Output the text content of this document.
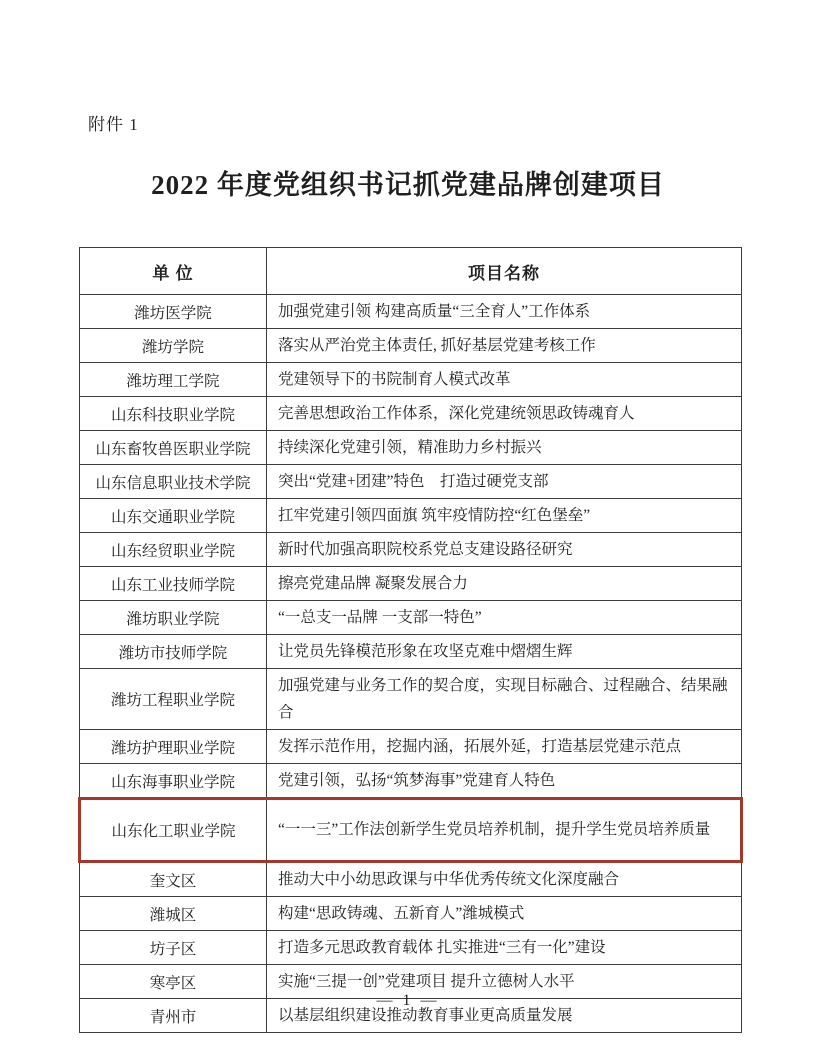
附件 1
2022 年度党组织书记抓党建品牌创建项目
单 位	项目名称
潍坊医学院	加强党建引领 构建高质量“三全育人”工作体系
潍坊学院	落实从严治党主体责任, 抓好基层党建考核工作
潍坊理工学院	党建领导下的书院制育人模式改革
山东科技职业学院	完善思想政治工作体系，深化党建统领思政铸魂育人
山东畜牧兽医职业学院	持续深化党建引领，精准助力乡村振兴
山东信息职业技术学院	突出“党建+团建”特色　打造过硬党支部
山东交通职业学院	扛牢党建引领四面旗 筑牢疫情防控“红色堡垒”
山东经贸职业学院	新时代加强高职院校系党总支建设路径研究
山东工业技师学院	擦亮党建品牌 凝聚发展合力
潍坊职业学院	“一总支一品牌 一支部一特色”
潍坊市技师学院	让党员先锋模范形象在攻坚克难中熠熠生辉
潍坊工程职业学院	加强党建与业务工作的契合度，实现目标融合、过程融合、结果融合
潍坊护理职业学院	发挥示范作用，挖掘内涵，拓展外延，打造基层党建示范点
山东海事职业学院	党建引领，弘扬“筑梦海事”党建育人特色
山东化工职业学院	“一一三”工作法创新学生党员培养机制，提升学生党员培养质量
奎文区	推动大中小幼思政课与中华优秀传统文化深度融合
潍城区	构建“思政铸魂、五新育人”潍城模式
坊子区	打造多元思政教育载体 扎实推进“三有一化”建设
寒亭区	实施“三提一创”党建项目 提升立德树人水平
青州市	以基层组织建设推动教育事业更高质量发展
— 1 —
